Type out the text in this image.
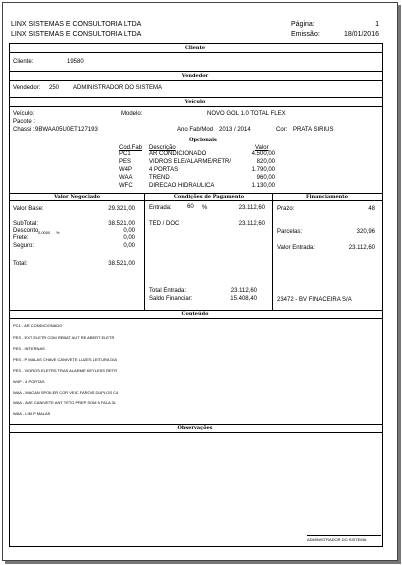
LINX SISTEMAS E CONSULTORIA LTDA
LINX SISTEMAS E CONSULTORIA LTDA
Página:	1
Emissão:	18/01/2016
Cliente
Cliente:	19580
Vendedor
Vendedor: 250 ADMINISTRADOR DO SISTEMA
Veículo
Veículo:	Modelo:	NOVO GOL 1.0 TOTAL FLEX
Pacote :
Chassi : 9BWAA05U0ET127193	Ano Fab/Mod 2013 / 2014	Cor: PRATA SIRIUS
Opcionais
Cod.Fab Descrição	Valor
PC1	AR CONDICIONADO	4.500,00
PES	VIDROS ELE/ALARME/RETR/	820,00
W4P	4 PORTAS	1.790,00
WAA	TREND	960,00
WFC	DIRECAO HIDRAULICA	1.130,00
Valor Negociado	Condições de Pagamento	Financiamento
Valor Base:	29.321,00
SubTotal:	38.521,00
Desconto 0,0000 %	0,00
Frete:	0,00
Seguro:	0,00
Total:	38.521,00
Entrada:	60 %	23.112,60
TED / DOC	23.112,60
Total Entrada:	23.112,60
Saldo Financiar:	15.408,40
Prazo:	48
Parcelas:	320,96
Valor Entrada:	23.112,60
23472 - BV FINACEIRA S/A
Conteúdo
PC1 - AR CONDICIONADO
PES - EXT ELETR COM REBAT AUT RE ABERT ELETR
PES - INTERNAS
PES - P MALAS CHAVE CANIVETE LUZES LEITURA DIA
PES - VIDROS ELETRS TRAS ALARME KEYLESS RETR
W4P - 4 PORTAS
WAA - MACAN SPOILER COR VEIC FAROIS DUPLOS C4
WAA - AVE CANIVETE ANT TETO PREP SOM 5 FALA 3L
WAA - LIM P MALAS
Observações
ADMINISTRADOR DO SISTEMA
